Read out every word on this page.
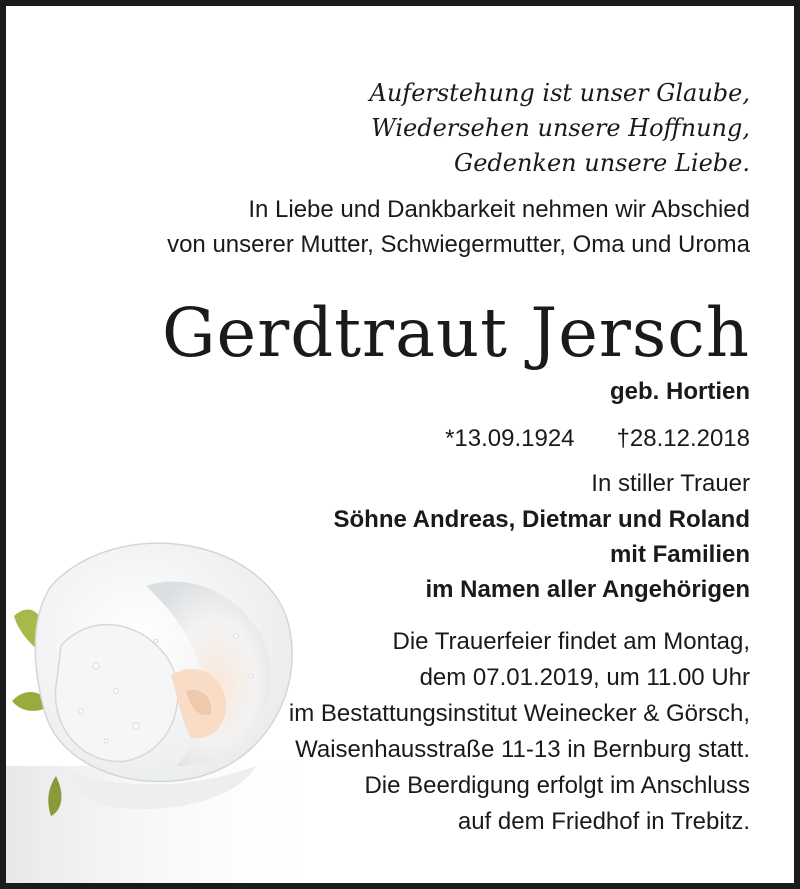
Auferstehung ist unser Glaube,
Wiedersehen unsere Hoffnung,
Gedenken unsere Liebe.
In Liebe und Dankbarkeit nehmen wir Abschied
von unserer Mutter, Schwiegermutter, Oma und Uroma
Gerdtraut Jersch
geb. Hortien
*13.09.1924 †28.12.2018
In stiller Trauer
Söhne Andreas, Dietmar und Roland
mit Familien
im Namen aller Angehörigen
Die Trauerfeier findet am Montag,
dem 07.01.2019, um 11.00 Uhr
im Bestattungsinstitut Weinecker & Görsch,
Waisenhausstraße 11-13 in Bernburg statt.
Die Beerdigung erfolgt im Anschluss
auf dem Friedhof in Trebitz.
